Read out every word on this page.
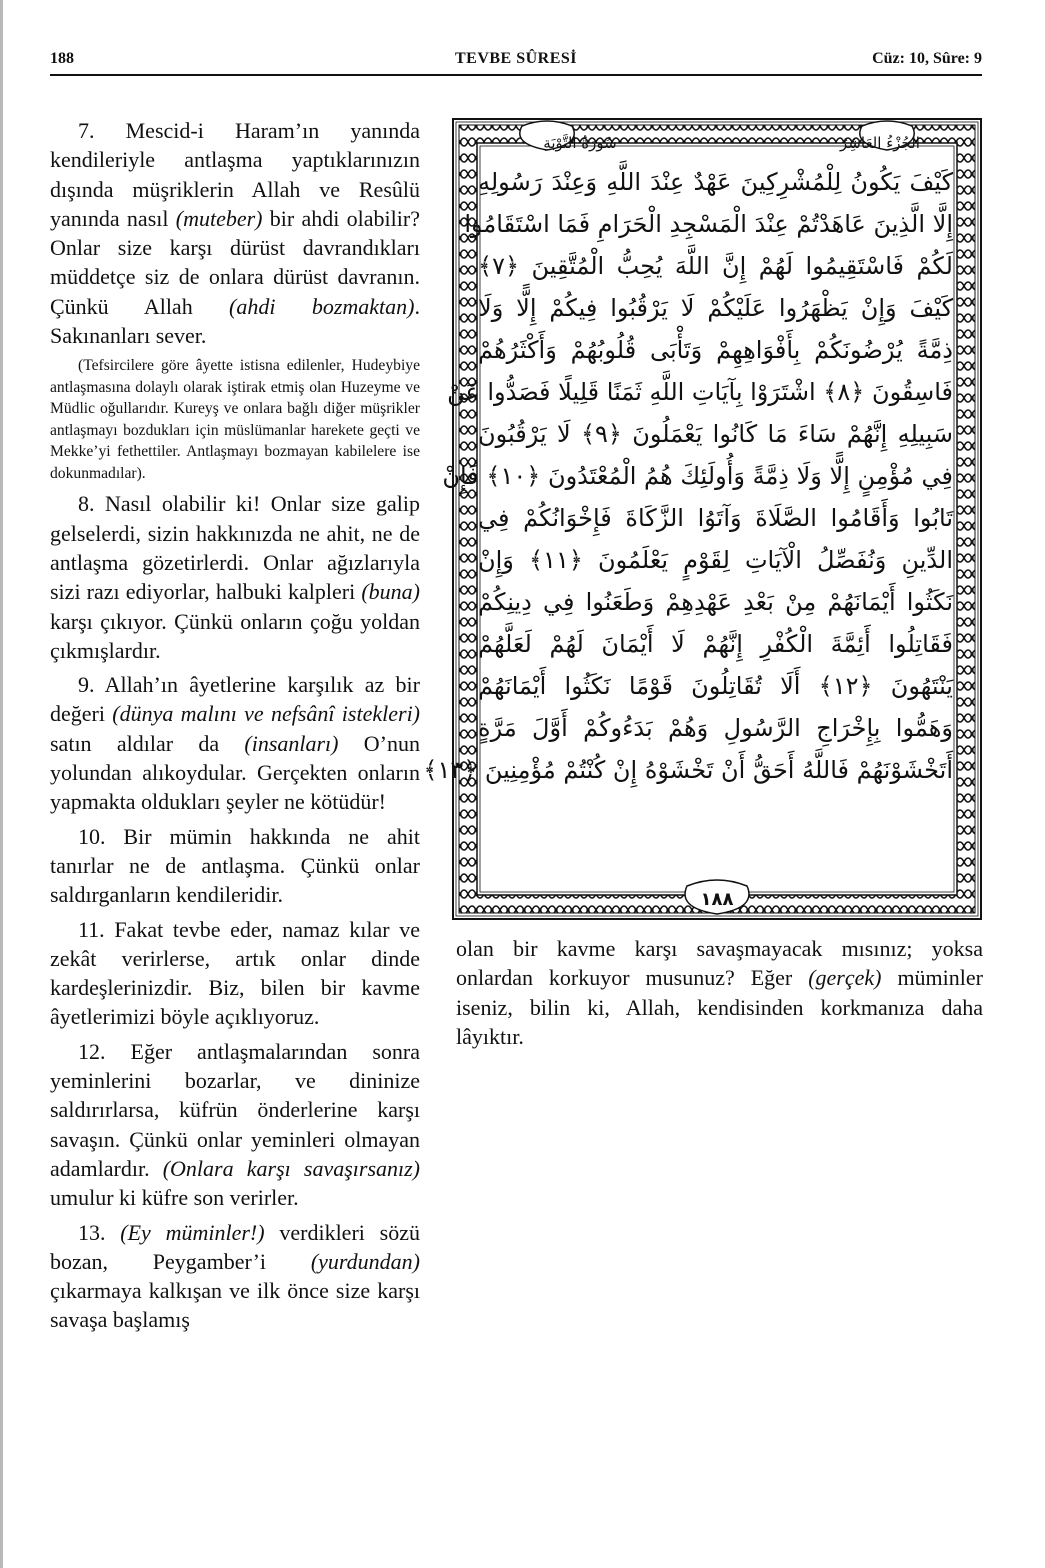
188	TEVBE SÛRESİ	Cüz: 10, Sûre: 9

7. Mescid-i Haram’ın yanında kendileriyle antlaşma yaptıklarınızın dışında müşriklerin Allah ve Resûlü yanında nasıl (muteber) bir ahdi olabilir? Onlar size karşı dürüst davrandıkları müddetçe siz de onlara dürüst davranın. Çünkü Allah (ahdi bozmaktan). Sakınanları sever.

(Tefsircilere göre âyette istisna edilenler, Hudeybiye antlaşmasına dolaylı olarak iştirak etmiş olan Huzeyme ve Müdlic oğullarıdır. Kureyş ve onlara bağlı diğer müşrikler antlaşmayı bozdukları için müslümanlar harekete geçti ve Mekke’yi fethettiler. Antlaşmayı bozmayan kabilelere ise dokunmadılar).

8. Nasıl olabilir ki! Onlar size galip gelselerdi, sizin hakkınızda ne ahit, ne de antlaşma gözetirlerdi. Onlar ağızlarıyla sizi razı ediyorlar, halbuki kalpleri (buna) karşı çıkıyor. Çünkü onların çoğu yoldan çıkmışlardır.

9. Allah’ın âyetlerine karşılık az bir değeri (dünya malını ve nefsânî istekleri) satın aldılar da (insanları) O’nun yolundan alıkoydular. Gerçekten onların yapmakta oldukları şeyler ne kötüdür!

10. Bir mümin hakkında ne ahit tanırlar ne de antlaşma. Çünkü onlar saldırganların kendileridir.

11. Fakat tevbe eder, namaz kılar ve zekât verirlerse, artık onlar dinde kardeşlerinizdir. Biz, bilen bir kavme âyetlerimizi böyle açıklıyoruz.

12. Eğer antlaşmalarından sonra yeminlerini bozarlar, ve dininize saldırırlarsa, küfrün önderlerine karşı savaşın. Çünkü onlar yeminleri olmayan adamlardır. (Onlara karşı savaşırsanız) umulur ki küfre son verirler.

13. (Ey müminler!) verdikleri sözü bozan, Peygamber’i (yurdundan) çıkarmaya kalkışan ve ilk önce size karşı savaşa başlamış

سُورَةُ التَّوْبَةِ	الجُزْءُ العَاشِرُ
كَيْفَ يَكُونُ لِلْمُشْرِكِينَ عَهْدٌ عِنْدَ اللَّهِ وَعِنْدَ رَسُولِهِ
إِلَّا الَّذِينَ عَاهَدْتُمْ عِنْدَ الْمَسْجِدِ الْحَرَامِ فَمَا اسْتَقَامُوا
لَكُمْ فَاسْتَقِيمُوا لَهُمْ إِنَّ اللَّهَ يُحِبُّ الْمُتَّقِينَ ﴿٧﴾
كَيْفَ وَإِنْ يَظْهَرُوا عَلَيْكُمْ لَا يَرْقُبُوا فِيكُمْ إِلًّا وَلَا
ذِمَّةً يُرْضُونَكُمْ بِأَفْوَاهِهِمْ وَتَأْبَى قُلُوبُهُمْ وَأَكْثَرُهُمْ
فَاسِقُونَ ﴿٨﴾ اشْتَرَوْا بِآيَاتِ اللَّهِ ثَمَنًا قَلِيلًا فَصَدُّوا عَنْ
سَبِيلِهِ إِنَّهُمْ سَاءَ مَا كَانُوا يَعْمَلُونَ ﴿٩﴾ لَا يَرْقُبُونَ
فِي مُؤْمِنٍ إِلًّا وَلَا ذِمَّةً وَأُولَئِكَ هُمُ الْمُعْتَدُونَ ﴿١٠﴾ فَإِنْ
تَابُوا وَأَقَامُوا الصَّلَاةَ وَآتَوُا الزَّكَاةَ فَإِخْوَانُكُمْ فِي
الدِّينِ وَنُفَصِّلُ الْآيَاتِ لِقَوْمٍ يَعْلَمُونَ ﴿١١﴾ وَإِنْ
نَكَثُوا أَيْمَانَهُمْ مِنْ بَعْدِ عَهْدِهِمْ وَطَعَنُوا فِي دِينِكُمْ
فَقَاتِلُوا أَئِمَّةَ الْكُفْرِ إِنَّهُمْ لَا أَيْمَانَ لَهُمْ لَعَلَّهُمْ
يَنْتَهُونَ ﴿١٢﴾ أَلَا تُقَاتِلُونَ قَوْمًا نَكَثُوا أَيْمَانَهُمْ
وَهَمُّوا بِإِخْرَاجِ الرَّسُولِ وَهُمْ بَدَءُوكُمْ أَوَّلَ مَرَّةٍ
أَتَخْشَوْنَهُمْ فَاللَّهُ أَحَقُّ أَنْ تَخْشَوْهُ إِنْ كُنْتُمْ مُؤْمِنِينَ ﴿١٣﴾
١٨٨

olan bir kavme karşı savaşmayacak mısınız; yoksa onlardan korkuyor musunuz? Eğer (gerçek) müminler iseniz, bilin ki, Allah, kendisinden korkmanıza daha lâyıktır.
